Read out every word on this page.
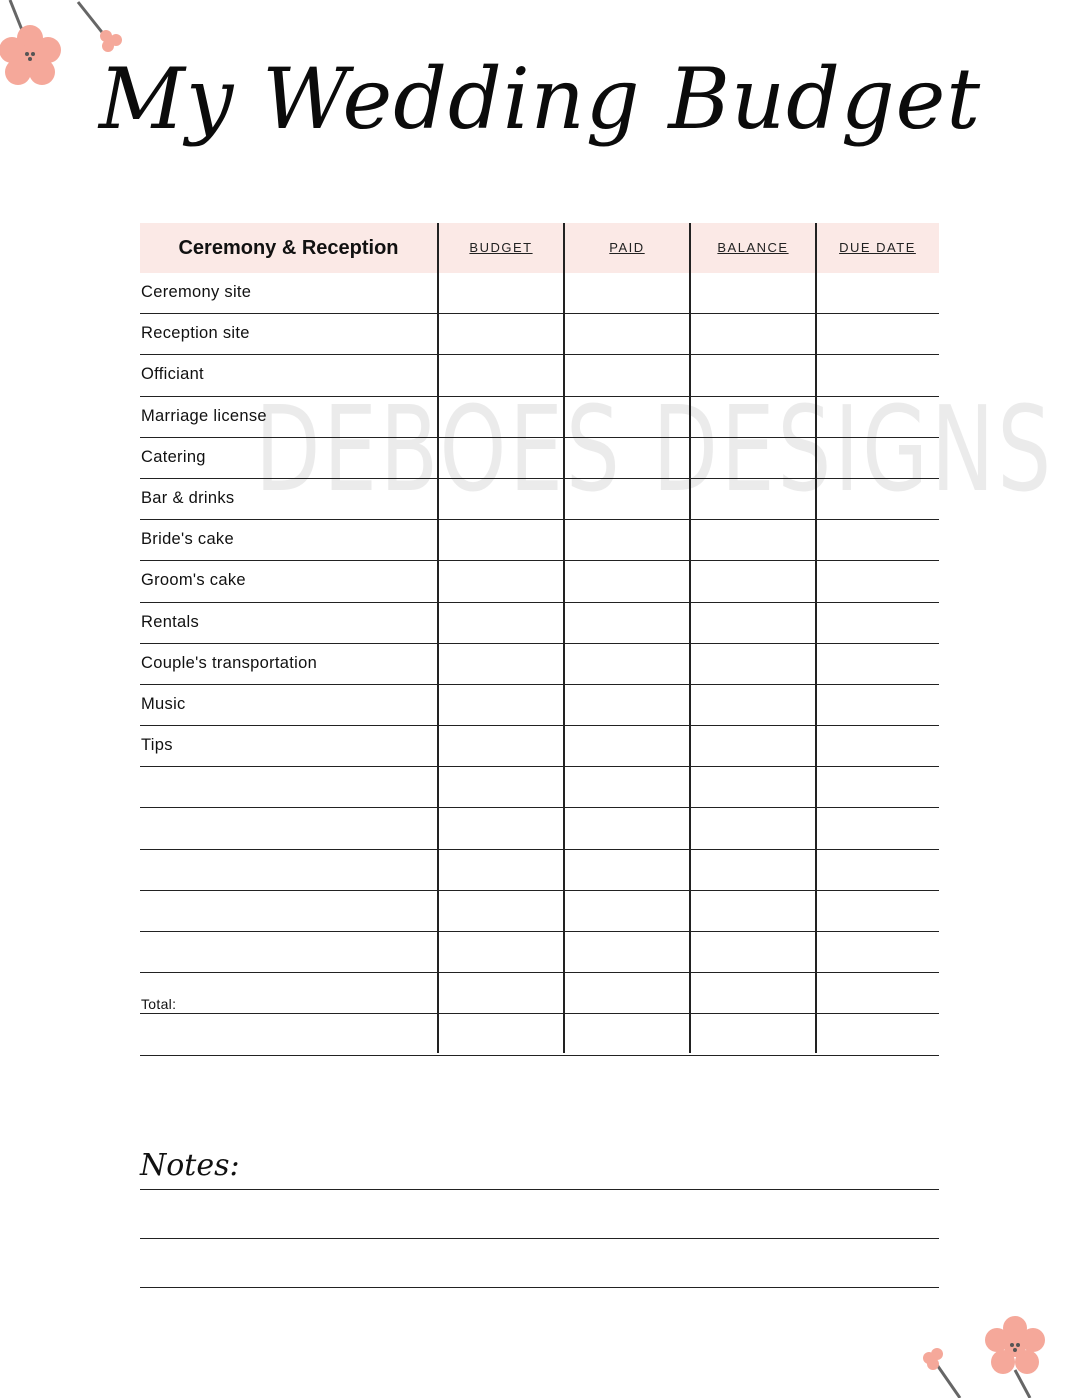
My Wedding Budget
DEBOES DESIGNS
Ceremony & Reception	BUDGET	PAID	BALANCE	DUE DATE
Ceremony site
Reception site
Officiant
Marriage license
Catering
Bar & drinks
Bride's cake
Groom's cake
Rentals
Couple's transportation
Music
Tips
Total:
Notes:
